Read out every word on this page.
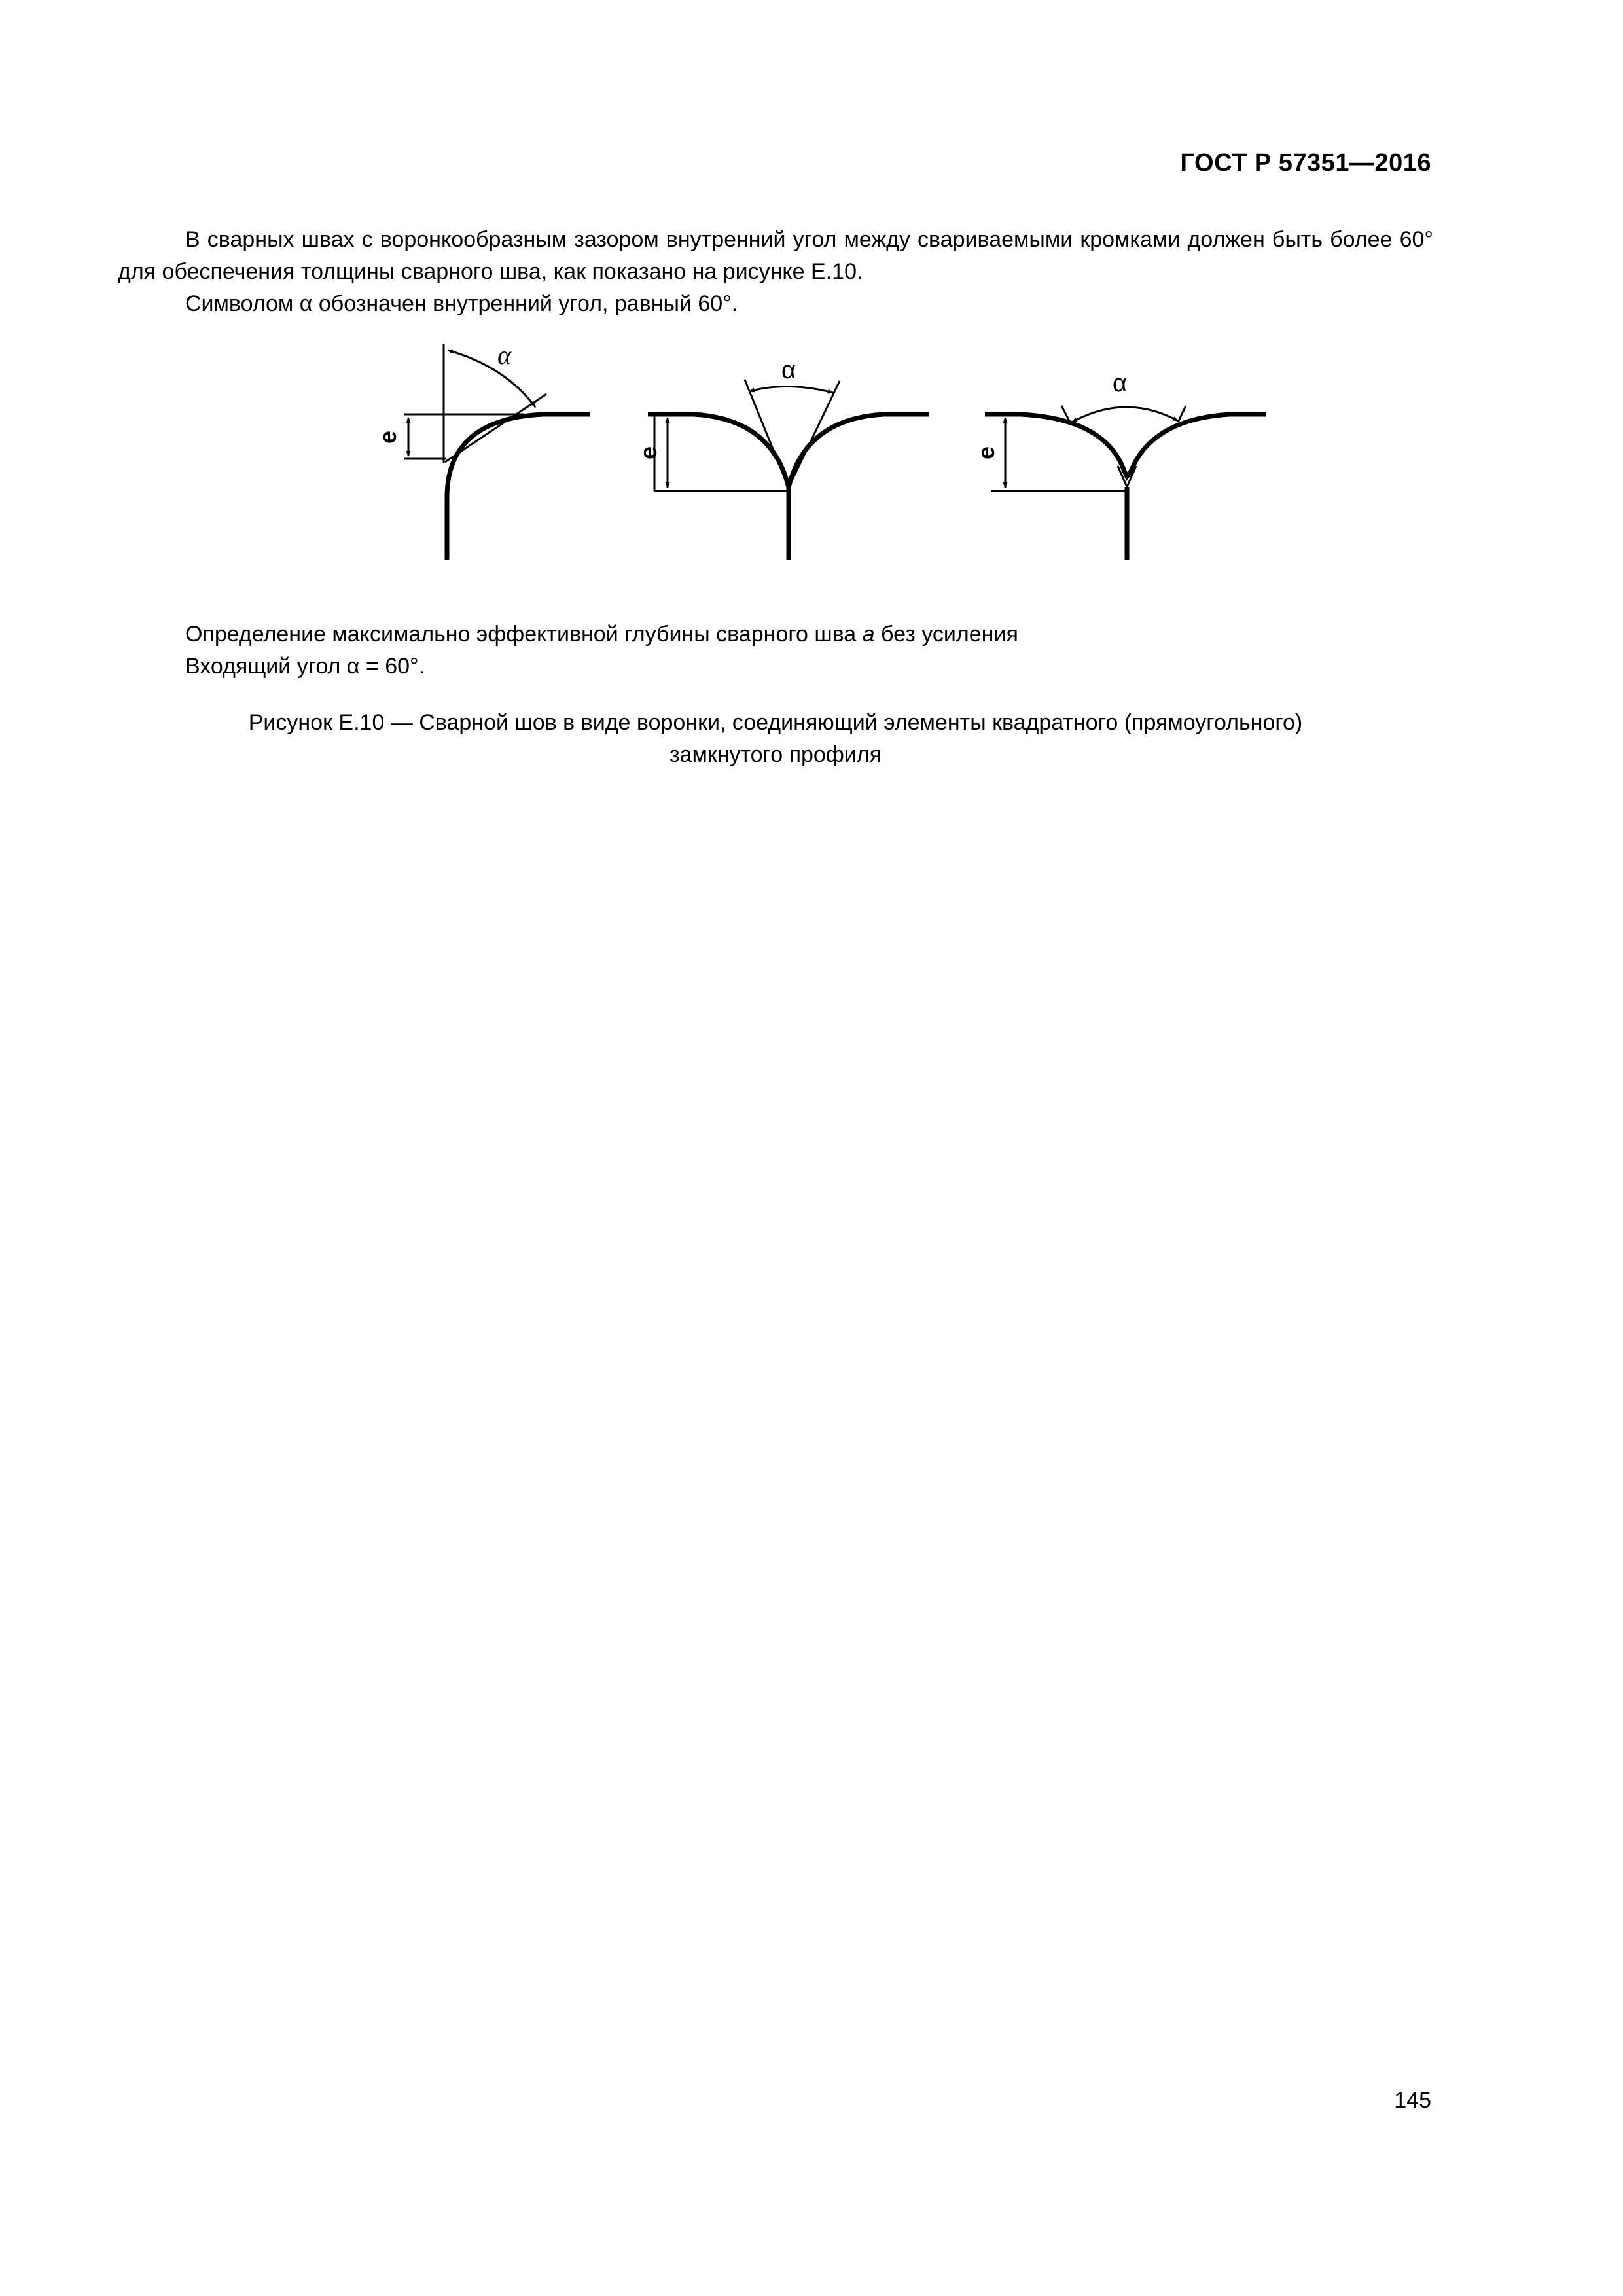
ГОСТ Р 57351—2016

В сварных швах с воронкообразным зазором внутренний угол между свариваемыми кромками должен быть более 60° для обеспечения толщины сварного шва, как показано на рисунке Е.10.

Символом α обозначен внутренний угол, равный 60°.

α
α	α
e
e	e

Определение максимально эффективной глубины сварного шва a без усиления

Входящий угол α = 60°.

Рисунок Е.10 — Сварной шов в виде воронки, соединяющий элементы квадратного (прямоугольного)
замкнутого профиля
145
